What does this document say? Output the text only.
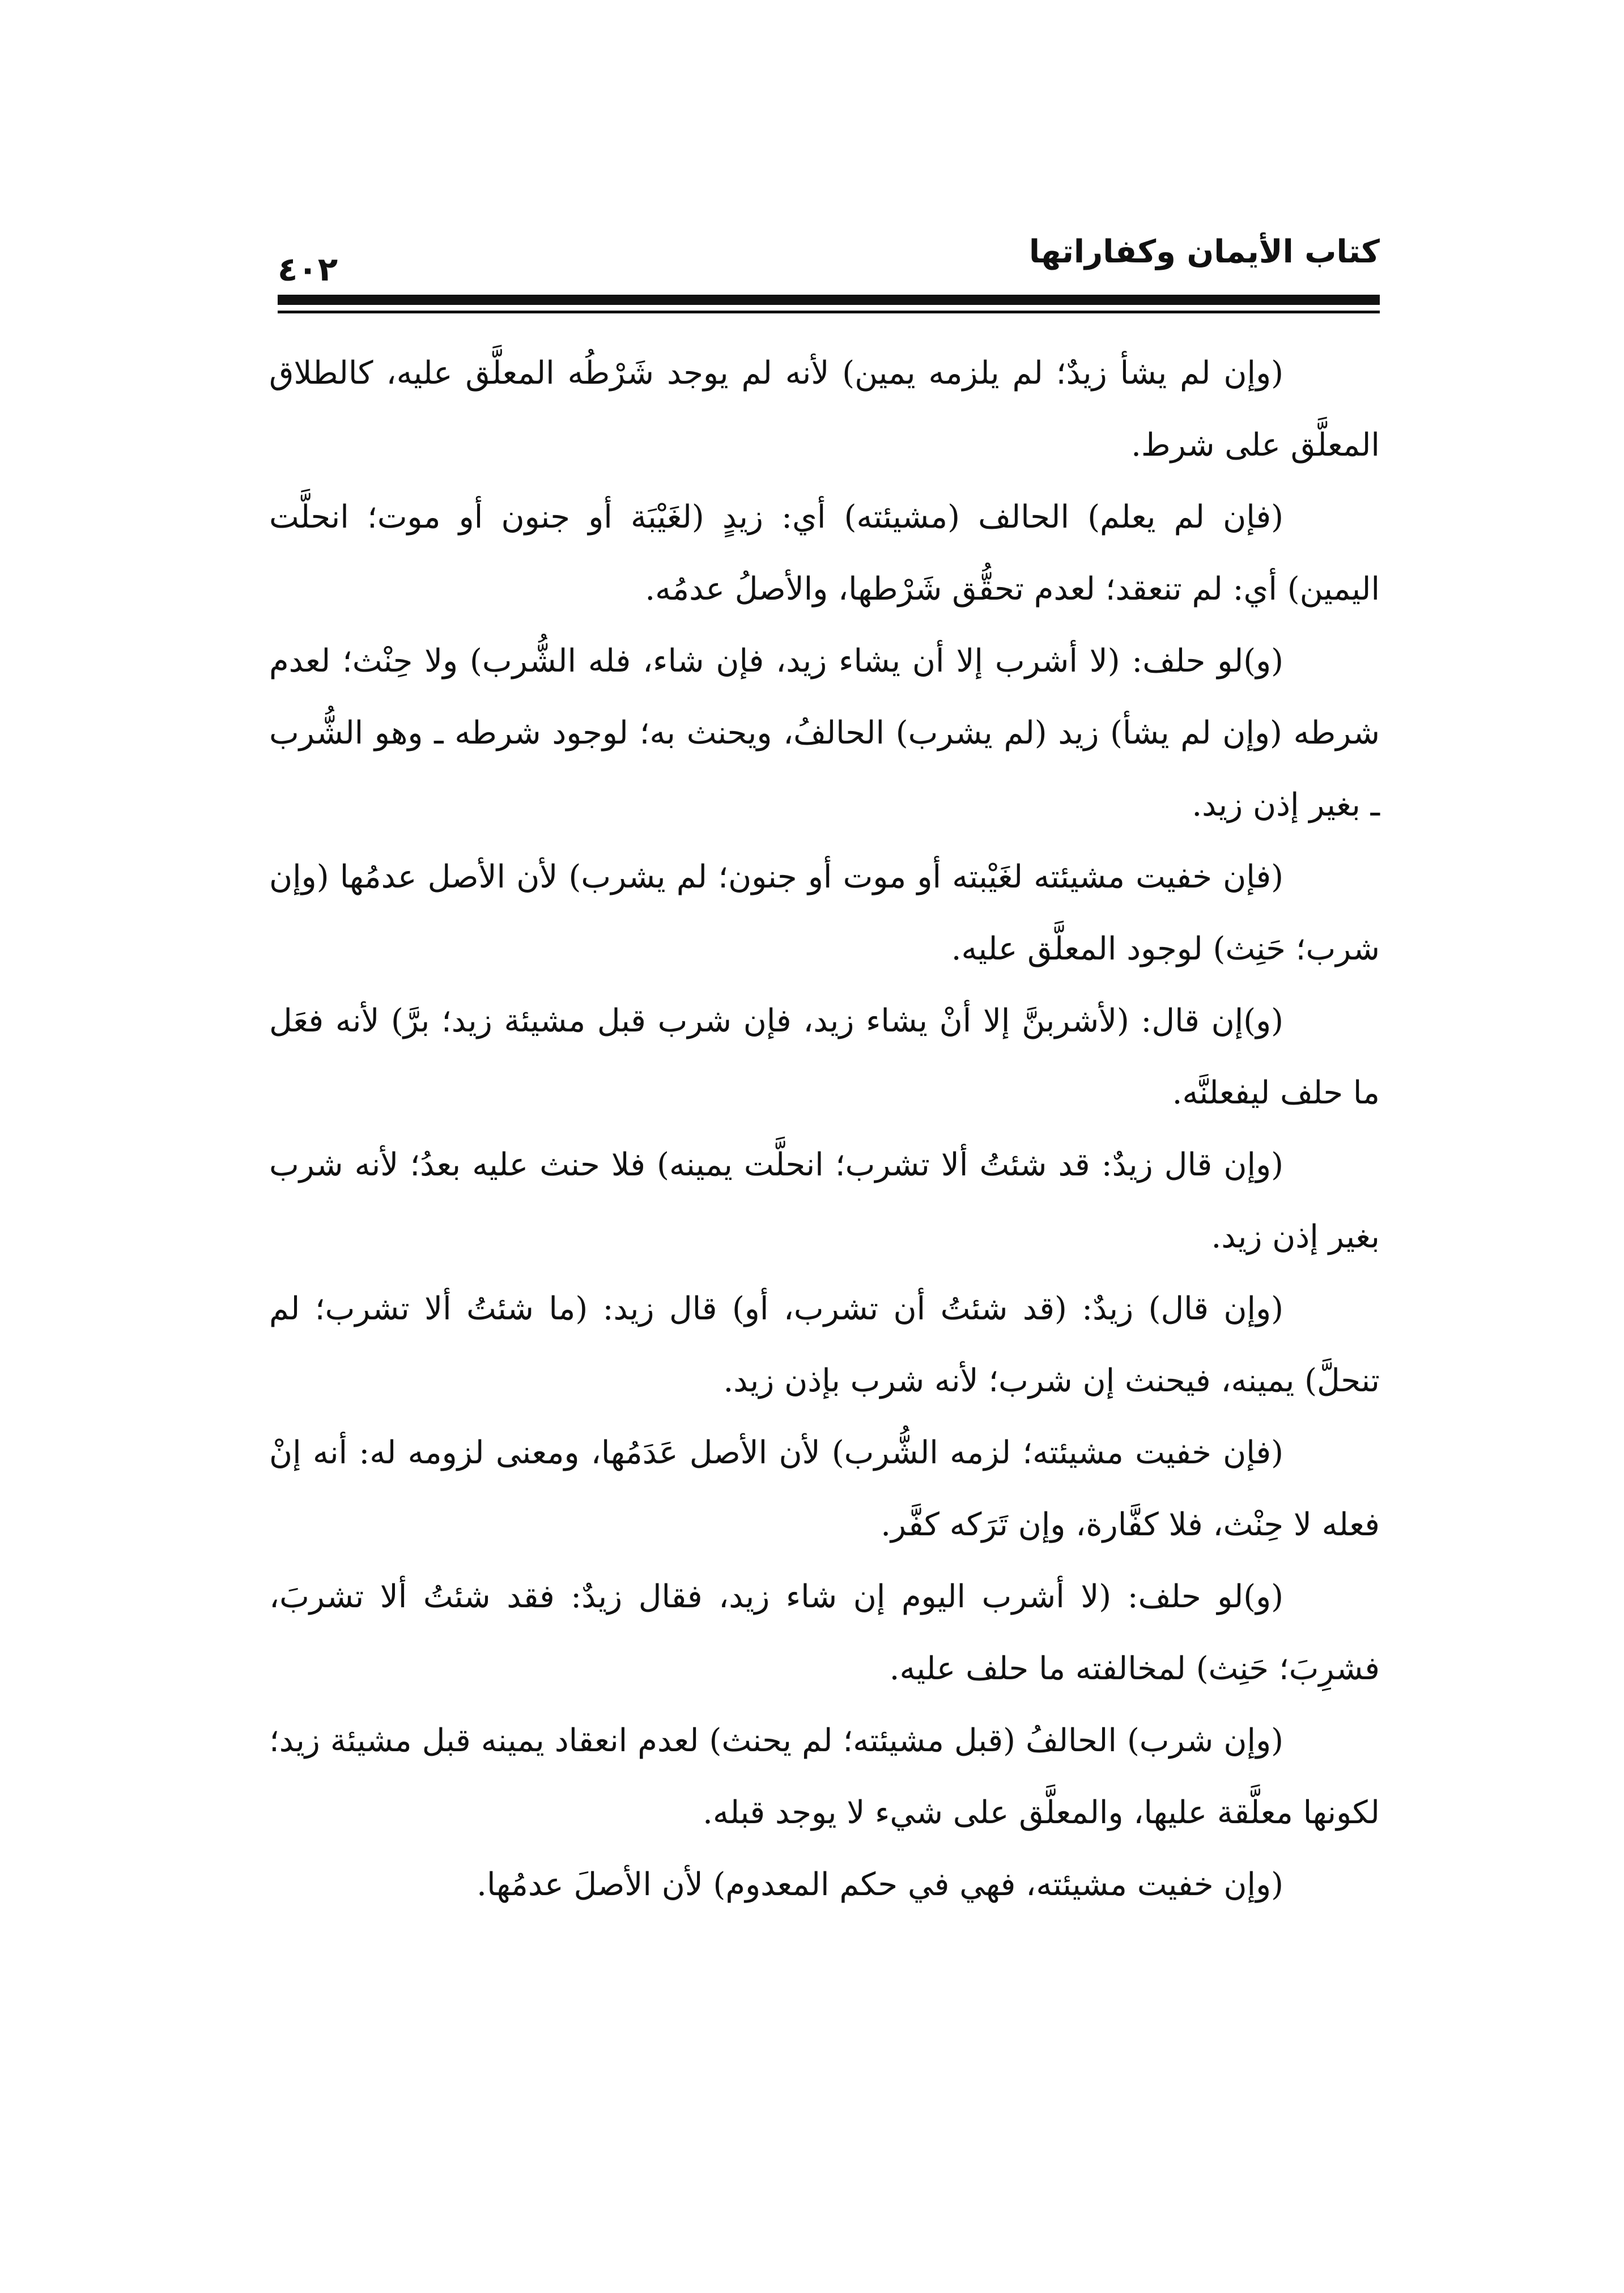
كتاب الأيمان وكفاراتها
٤٠٢

(وإن لم يشأ زيدٌ؛ لم يلزمه يمين) لأنه لم يوجد شَرْطُه المعلَّق عليه، كالطلاق المعلَّق على شرط.

(فإن لم يعلم) الحالف (مشيئته) أي: زيدٍ (لغَيْبَة أو جنون أو موت؛ انحلَّت اليمين) أي: لم تنعقد؛ لعدم تحقُّق شَرْطها، والأصلُ عدمُه.

(و)لو حلف: (لا أشرب إلا أن يشاء زيد، فإن شاء، فله الشُّرب) ولا حِنْث؛ لعدم شرطه (وإن لم يشأ) زيد (لم يشرب) الحالفُ، ويحنث به؛ لوجود شرطه ـ وهو الشُّرب ـ بغير إذن زيد.

(فإن خفيت مشيئته لغَيْبته أو موت أو جنون؛ لم يشرب) لأن الأصل عدمُها (وإن شرب؛ حَنِث) لوجود المعلَّق عليه.

(و)إن قال: (لأشربنَّ إلا أنْ يشاء زيد، فإن شرب قبل مشيئة زيد؛ برَّ) لأنه فعَل ما حلف ليفعلنَّه.

(وإن قال زيدٌ: قد شئتُ ألا تشرب؛ انحلَّت يمينه) فلا حنث عليه بعدُ؛ لأنه شرب بغير إذن زيد.

(وإن قال) زيدٌ: (قد شئتُ أن تشرب، أو) قال زيد: (ما شئتُ ألا تشرب؛ لم تنحلَّ) يمينه، فيحنث إن شرب؛ لأنه شرب بإذن زيد.

(فإن خفيت مشيئته؛ لزمه الشُّرب) لأن الأصل عَدَمُها، ومعنى لزومه له: أنه إنْ فعله لا حِنْث، فلا كفَّارة، وإن تَرَكه كفَّر.

(و)لو حلف: (لا أشرب اليوم إن شاء زيد، فقال زيدٌ: فقد شئتُ ألا تشربَ، فشرِبَ؛ حَنِث) لمخالفته ما حلف عليه.

(وإن شرب) الحالفُ (قبل مشيئته؛ لم يحنث) لعدم انعقاد يمينه قبل مشيئة زيد؛ لكونها معلَّقة عليها، والمعلَّق على شيء لا يوجد قبله.

(وإن خفيت مشيئته، فهي في حكم المعدوم) لأن الأصلَ عدمُها.
